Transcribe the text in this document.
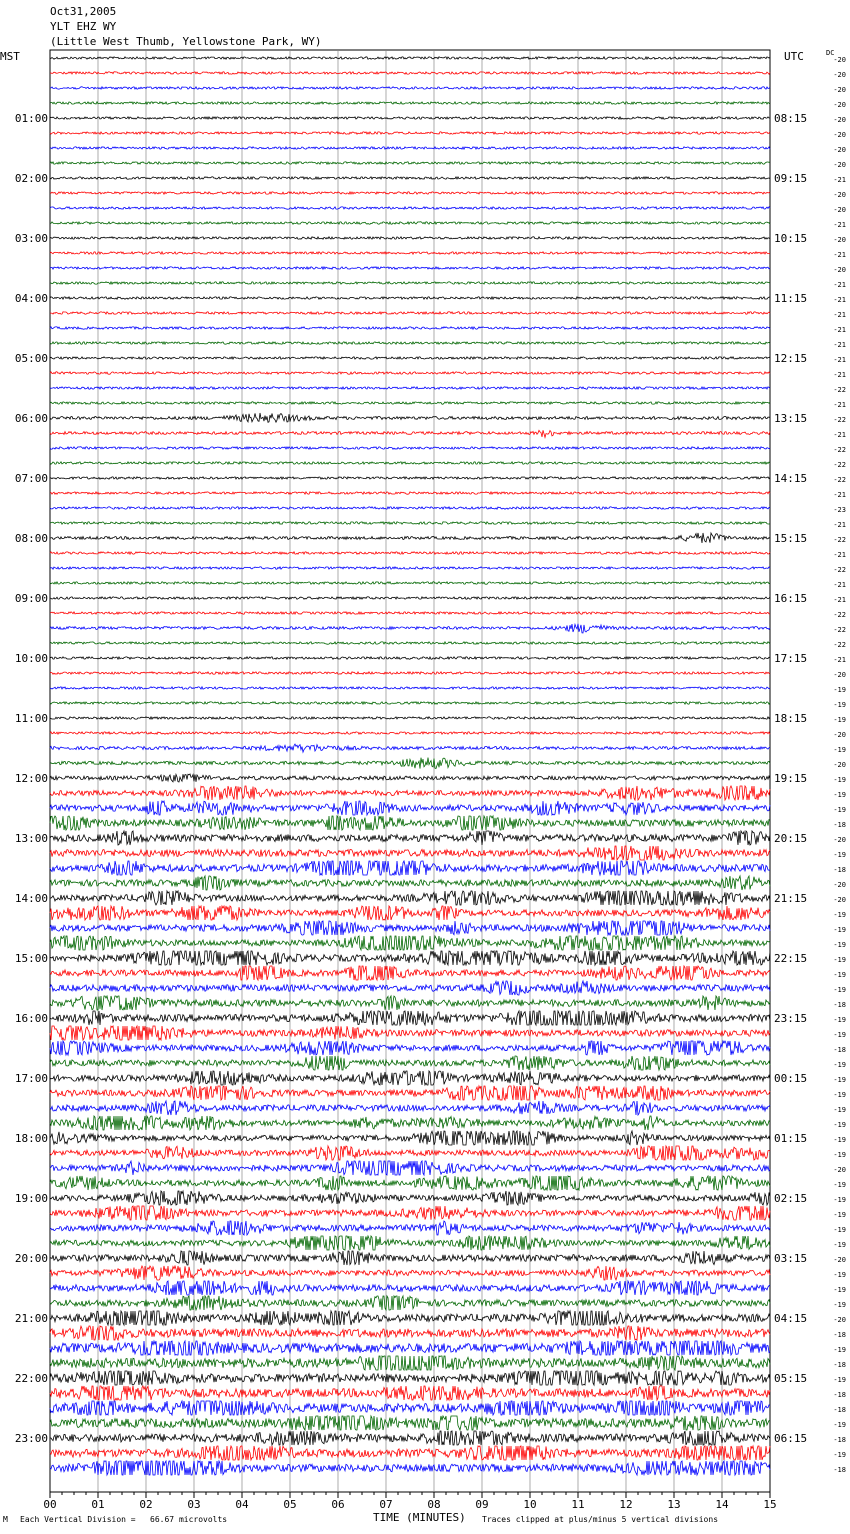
00	01	02	03	04	05	06	07	08	09	10	11	12	13	14	15
01:00
02:00
03:00
04:00
05:00
06:00
07:00
08:00
09:00
10:00
11:00
12:00
13:00
14:00
15:00
16:00
17:00
18:00
19:00
20:00
21:00
22:00
23:00
08:15
09:15
10:15
11:15
12:15
13:15
14:15
15:15
16:15
17:15
18:15
19:15
20:15
21:15
22:15
23:15
00:15
01:15
02:15
03:15
04:15
05:15
06:15
-20
-20
-20
-20
-20
-20
-20
-20
-21
-20
-20
-21
-20
-21
-20
-21
-21
-21
-21
-21
-21
-21
-22
-21
-22
-21
-22
-22
-22
-21
-23
-21
-22
-21
-22
-21
-21
-22
-22
-22
-21
-20
-19
-19
-19
-20
-19
-20
-19
-19
-19
-18
-20
-19
-18
-20
-20
-19
-19
-19
-19
-19
-19
-18
-19
-19
-18
-19
-19
-19
-19
-19
-19
-19
-20
-19
-19
-19
-19
-19
-20
-19
-19
-19
-20
-18
-19
-18
-19
-18
-18
-19
-18
-19
-18
Oct31,2005
YLT EHZ WY
(Little West Thumb, Yellowstone Park, WY)
MST	UTC	DC
TIME (MINUTES)
M Each Vertical Division =   66.67 microvolts	Traces clipped at plus/minus 5 vertical divisions
